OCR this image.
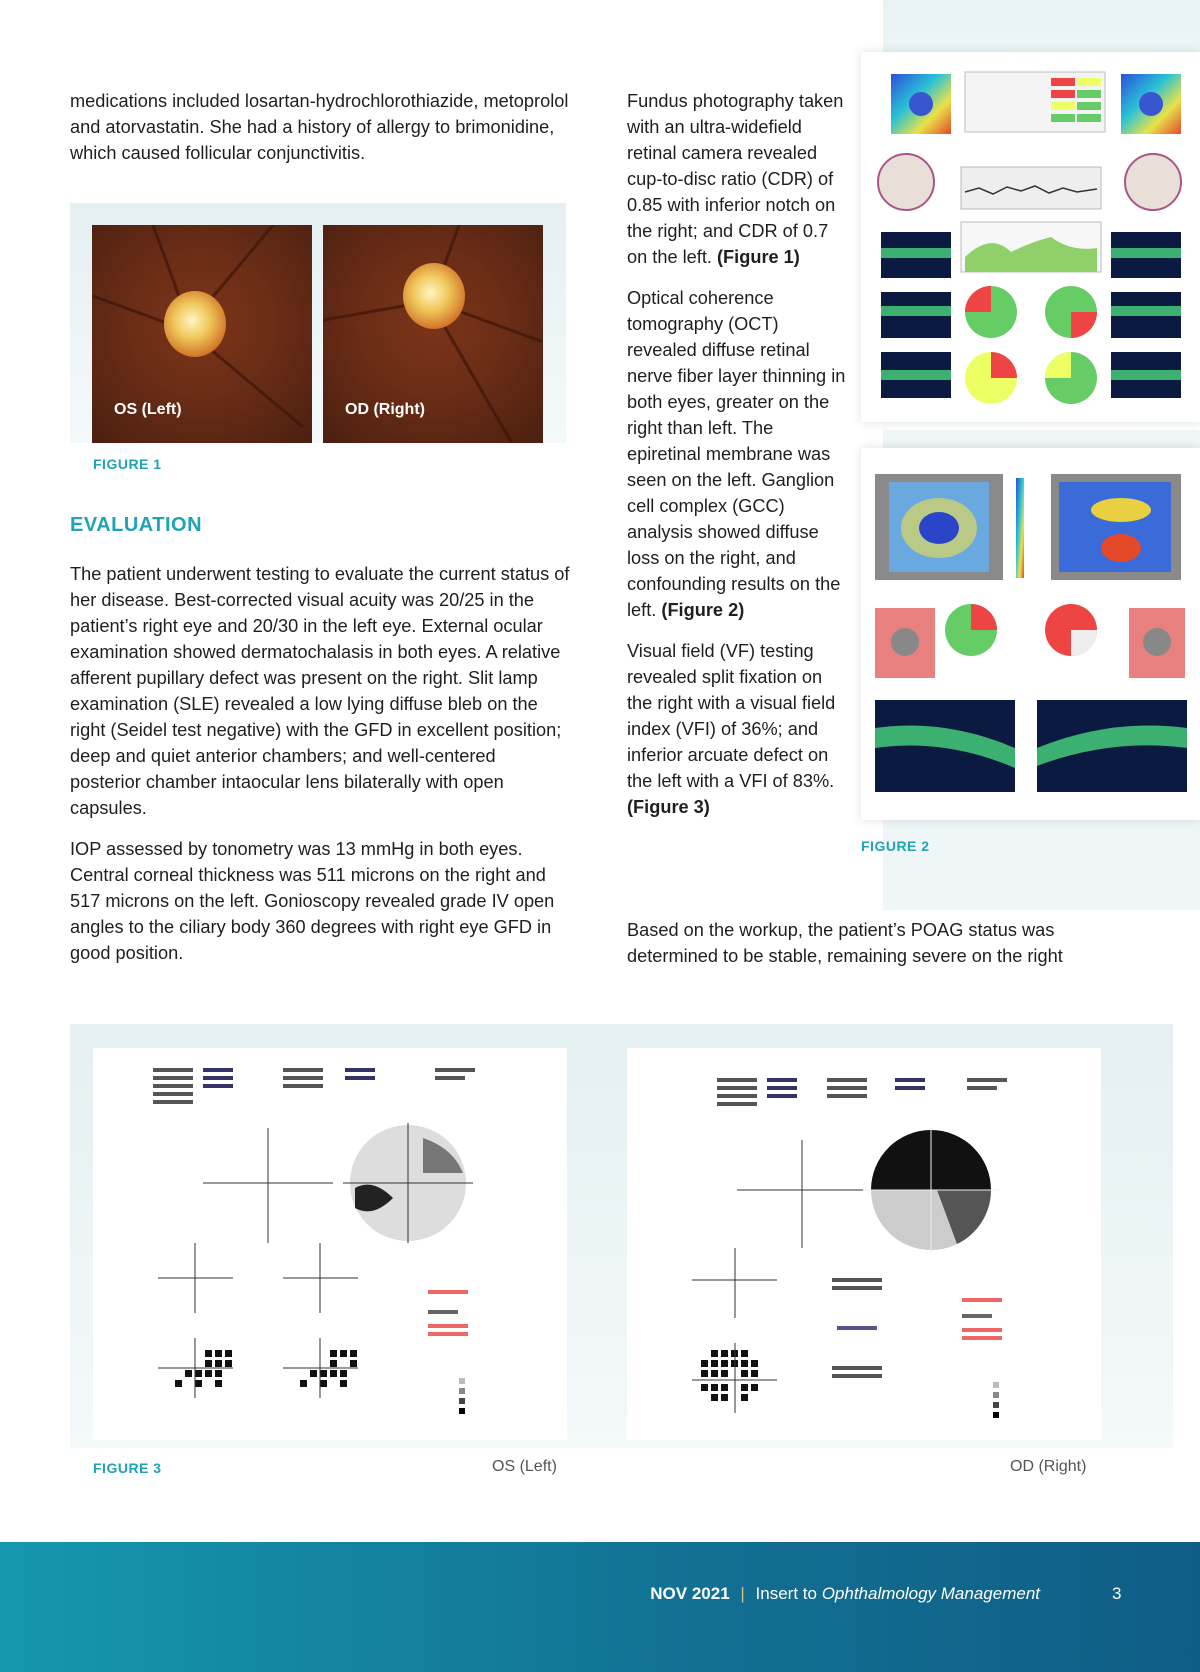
medications included losartan-hydrochlorothiazide, metoprolol and atorvastatin. She had a history of allergy to brimonidine, which caused follicular conjunctivitis.

OS (Left)	OD (Right)
FIGURE 1
EVALUATION

The patient underwent testing to evaluate the current status of her disease. Best-corrected visual acuity was 20/25 in the patient’s right eye and 20/30 in the left eye. External ocular examination showed dermatochalasis in both eyes. A relative afferent pupillary defect was present on the right. Slit lamp examination (SLE) revealed a low lying diffuse bleb on the right (Seidel test negative) with the GFD in excellent position; deep and quiet anterior chambers; and well-centered posterior chamber intaocular lens bilaterally with open capsules.

IOP assessed by tonometry was 13 mmHg in both eyes. Central corneal thickness was 511 microns on the right and 517 microns on the left. Gonioscopy revealed grade IV open angles to the ciliary body 360 degrees with right eye GFD in good position.

Fundus photography taken with an ultra-widefield retinal camera revealed cup-to-disc ratio (CDR) of 0.85 with inferior notch on the right; and CDR of 0.7 on the left. (Figure 1)

Optical coherence tomography (OCT) revealed diffuse retinal nerve fiber layer thinning in both eyes, greater on the right than left. The epiretinal membrane was seen on the left. Ganglion cell complex (GCC) analysis showed diffuse loss on the right, and confounding results on the left. (Figure 2)

Visual field (VF) testing revealed split fixation on the right with a visual field index (VFI) of 36%; and inferior arcuate defect on the left with a VFI of 83%. (Figure 3)

Based on the workup, the patient’s POAG status was determined to be stable, remaining severe on the right

FIGURE 2
FIGURE 3	OS (Left)	OD (Right)
NOV 2021 | Insert to Ophthalmology Management	3
